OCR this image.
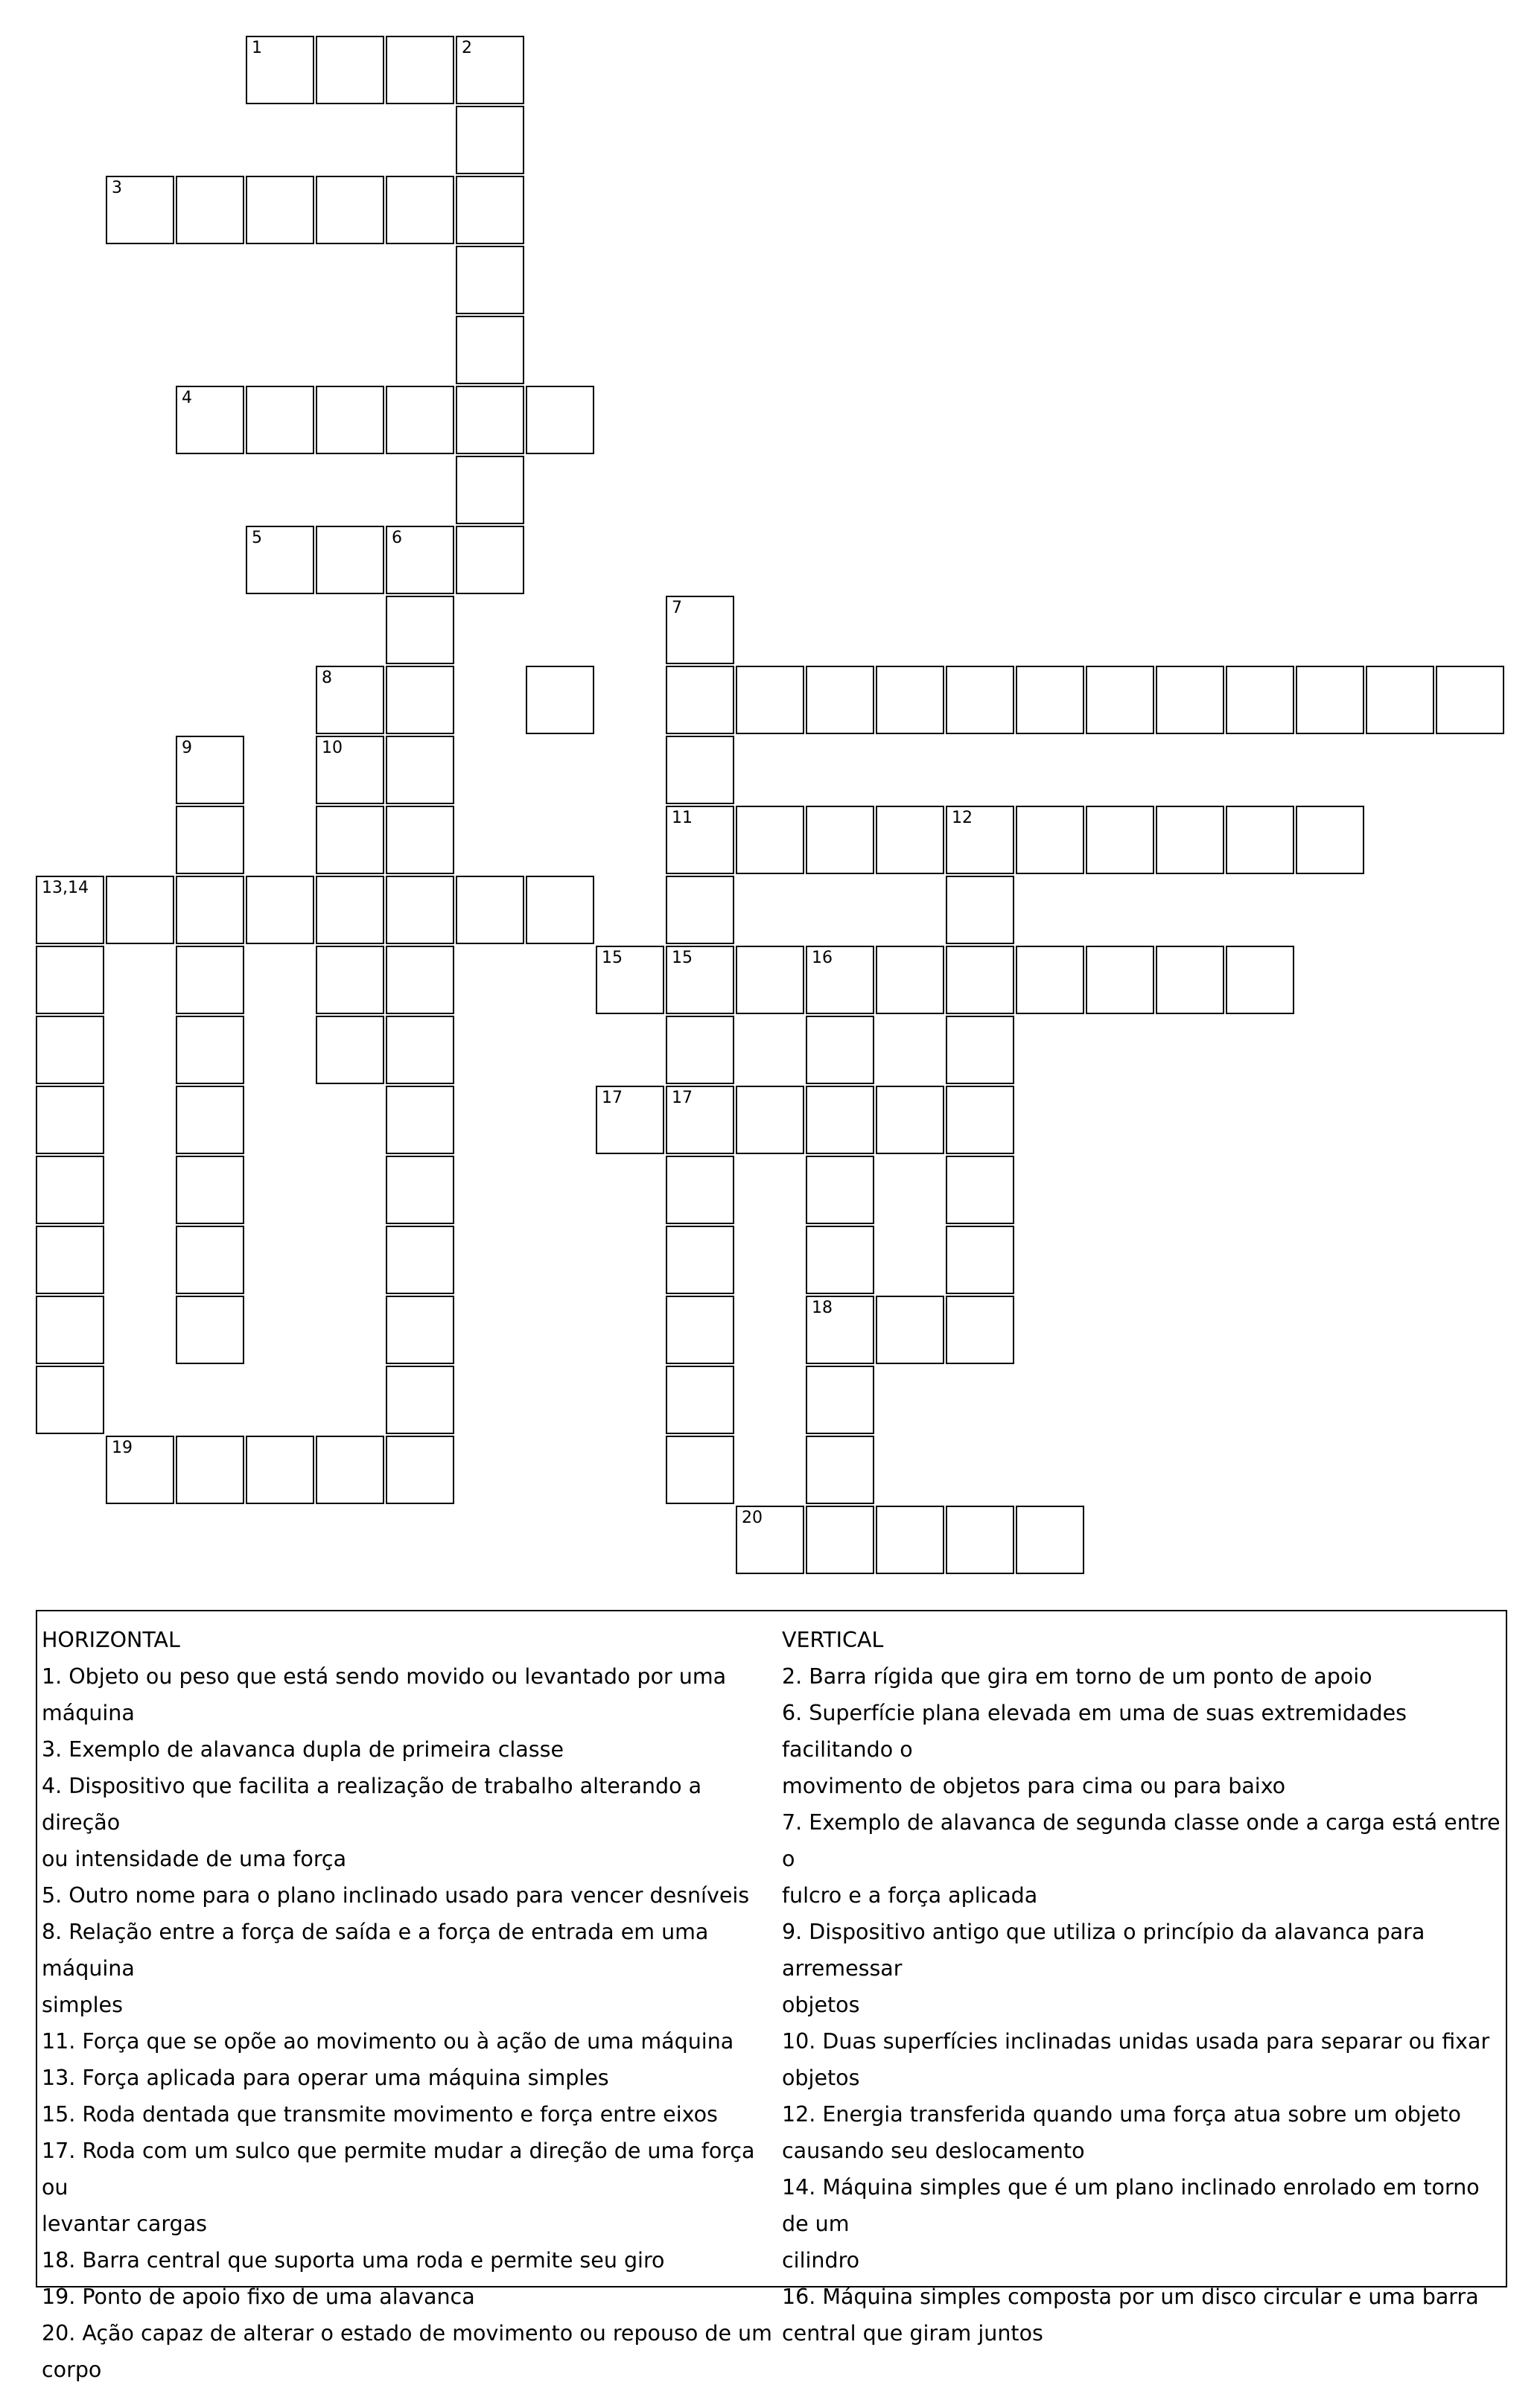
2
1
3
4
5	6
8
7
11
15
17
9	10
12
13,14
15	16
18
17
19
20

HORIZONTAL

1. Objeto ou peso que está sendo movido ou levantado por uma máquina

3. Exemplo de alavanca dupla de primeira classe

4. Dispositivo que facilita a realização de trabalho alterando a direção

ou intensidade de uma força

5. Outro nome para o plano inclinado usado para vencer desníveis

8. Relação entre a força de saída e a força de entrada em uma máquina

simples

11. Força que se opõe ao movimento ou à ação de uma máquina

13. Força aplicada para operar uma máquina simples

15. Roda dentada que transmite movimento e força entre eixos

17. Roda com um sulco que permite mudar a direção de uma força ou

levantar cargas

18. Barra central que suporta uma roda e permite seu giro

19. Ponto de apoio fixo de uma alavanca

20. Ação capaz de alterar o estado de movimento ou repouso de um

corpo

VERTICAL

2. Barra rígida que gira em torno de um ponto de apoio

6. Superfície plana elevada em uma de suas extremidades facilitando o

movimento de objetos para cima ou para baixo

7. Exemplo de alavanca de segunda classe onde a carga está entre o

fulcro e a força aplicada

9. Dispositivo antigo que utiliza o princípio da alavanca para arremessar

objetos

10. Duas superfícies inclinadas unidas usada para separar ou fixar

objetos

12. Energia transferida quando uma força atua sobre um objeto

causando seu deslocamento

14. Máquina simples que é um plano inclinado enrolado em torno de um

cilindro

16. Máquina simples composta por um disco circular e uma barra

central que giram juntos
